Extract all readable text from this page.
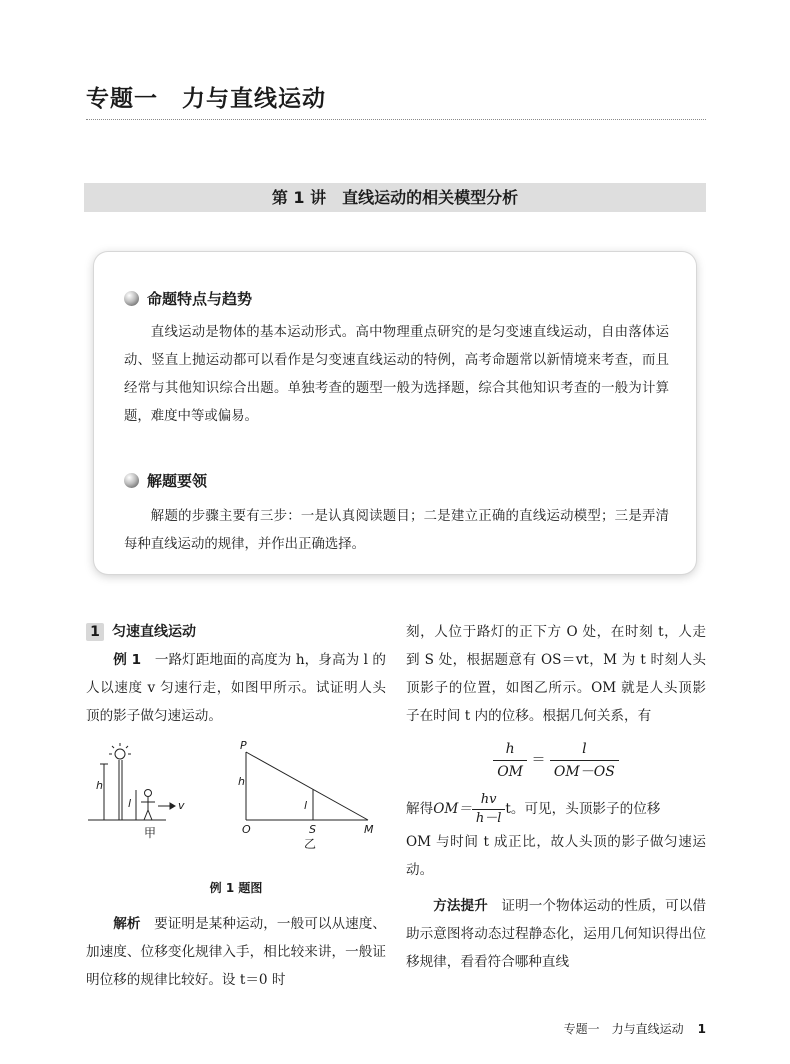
专题一　力与直线运动
第 1 讲　直线运动的相关模型分析
命题特点与趋势

直线运动是物体的基本运动形式。高中物理重点研究的是匀变速直线运动，自由落体运动、竖直上抛运动都可以看作是匀变速直线运动的特例，高考命题常以新情境来考查，而且经常与其他知识综合出题。单独考查的题型一般为选择题，综合其他知识考查的一般为计算题，难度中等或偏易。

解题要领

解题的步骤主要有三步：一是认真阅读题目；二是建立正确的直线运动模型；三是弄清每种直线运动的规律，并作出正确选择。

1 匀速直线运动

例 1　 一路灯距地面的高度为 h，身高为 l 的人以速度 v 匀速行走，如图甲所示。试证明人头顶的影子做匀速运动。

h
l	v
甲
P
h
l
O	S	M
乙
例 1 题图

解析　 要证明是某种运动，一般可以从速度、加速度、位移变化规律入手，相比较来讲，一般证明位移的规律比较好。设 t＝0 时

刻，人位于路灯的正下方 O 处，在时刻 t，人走到 S 处，根据题意有 OS＝vt，M 为 t 时刻人头顶影子的位置，如图乙所示。OM 就是人头顶影子在时间 t 内的位移。根据几何关系，有

$\frac{h}{OM} = \frac{l}{OM-OS}$

解得$OM= \frac{hv}{h-l}$ t。可见，头顶影子的位移

OM 与时间 t 成正比，故人头顶的影子做匀速运动。

方法提升　 证明一个物体运动的性质，可以借助示意图将动态过程静态化，运用几何知识得出位移规律，看看符合哪种直线

专题一　力与直线运动 1
